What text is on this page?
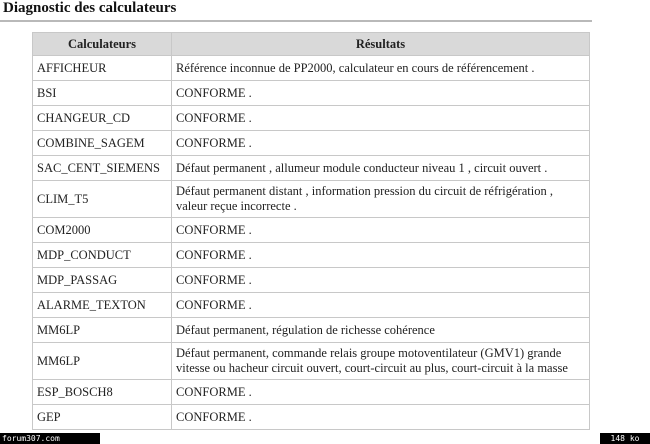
Diagnostic des calculateurs
Calculateurs	Résultats
AFFICHEUR	Référence inconnue de PP2000, calculateur en cours de référencement .
BSI	CONFORME .
CHANGEUR_CD	CONFORME .
COMBINE_SAGEM	CONFORME .
SAC_CENT_SIEMENS	Défaut permanent , allumeur module conducteur niveau 1 , circuit ouvert .
CLIM_T5	Défaut permanent distant , information pression du circuit de réfrigération , valeur reçue incorrecte .
COM2000	CONFORME .
MDP_CONDUCT	CONFORME .
MDP_PASSAG	CONFORME .
ALARME_TEXTON	CONFORME .
MM6LP	Défaut permanent, régulation de richesse cohérence
MM6LP	Défaut permanent, commande relais groupe motoventilateur (GMV1) grande vitesse ou hacheur circuit ouvert, court-circuit au plus, court-circuit à la masse
ESP_BOSCH8	CONFORME .
GEP	CONFORME .
forum307.com	148 ko
